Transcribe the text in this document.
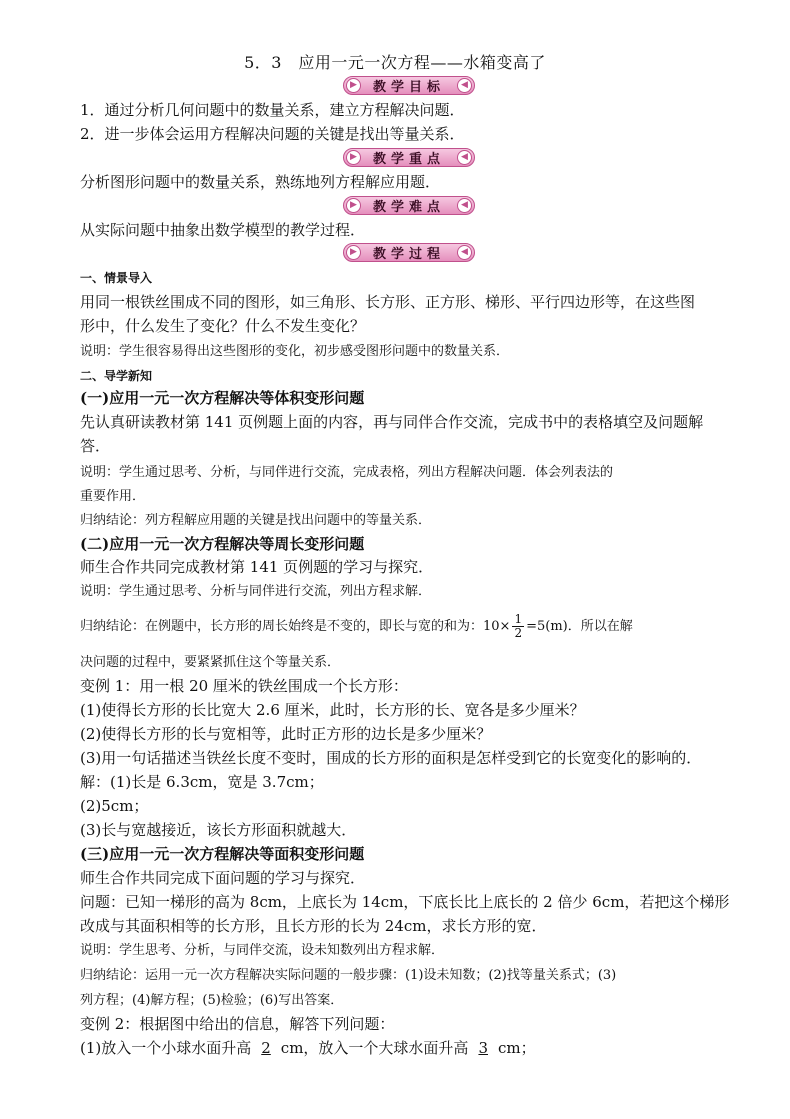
5．3　应用一元一次方程——水箱变高了
▶	教学目标	◀
1．通过分析几何问题中的数量关系，建立方程解决问题．
2．进一步体会运用方程解决问题的关键是找出等量关系．
▶	教学重点	◀
分析图形问题中的数量关系，熟练地列方程解应用题．
▶	教学难点	◀
从实际问题中抽象出数学模型的教学过程．
▶	教学过程	◀
一、情景导入
用同一根铁丝围成不同的图形，如三角形、长方形、正方形、梯形、平行四边形等，在这些图
形中，什么发生了变化？什么不发生变化？
说明：学生很容易得出这些图形的变化，初步感受图形问题中的数量关系．
二、导学新知
(一)应用一元一次方程解决等体积变形问题
先认真研读教材第 141 页例题上面的内容，再与同伴合作交流，完成书中的表格填空及问题解
答．
说明：学生通过思考、分析，与同伴进行交流，完成表格，列出方程解决问题．体会列表法的
重要作用．
归纳结论：列方程解应用题的关键是找出问题中的等量关系．
(二)应用一元一次方程解决等周长变形问题
师生合作共同完成教材第 141 页例题的学习与探究．
说明：学生通过思考、分析与同伴进行交流，列出方程求解．
归纳结论：在例题中，长方形的周长始终是不变的，即长与宽的和为：$10\times \frac{1}{2} =5(m)$．所以在解
决问题的过程中，要紧紧抓住这个等量关系．
变例 1：用一根 20 厘米的铁丝围成一个长方形：
(1)使得长方形的长比宽大 2.6 厘米，此时，长方形的长、宽各是多少厘米？
(2)使得长方形的长与宽相等，此时正方形的边长是多少厘米？
(3)用一句话描述当铁丝长度不变时，围成的长方形的面积是怎样受到它的长宽变化的影响的．
解：(1)长是 6.3cm，宽是 3.7cm；
(2)5cm；
(3)长与宽越接近，该长方形面积就越大．
(三)应用一元一次方程解决等面积变形问题
师生合作共同完成下面问题的学习与探究．
问题：已知一梯形的高为 8cm，上底长为 14cm，下底长比上底长的 2 倍少 6cm，若把这个梯形
改成与其面积相等的长方形，且长方形的长为 24cm，求长方形的宽．
说明：学生思考、分析，与同伴交流，设未知数列出方程求解．
归纳结论：运用一元一次方程解决实际问题的一般步骤：(1)设未知数；(2)找等量关系式；(3)
列方程；(4)解方程；(5)检验；(6)写出答案．
变例 2：根据图中给出的信息，解答下列问题：
(1)放入一个小球水面升高 2 cm，放入一个大球水面升高 3 cm；
